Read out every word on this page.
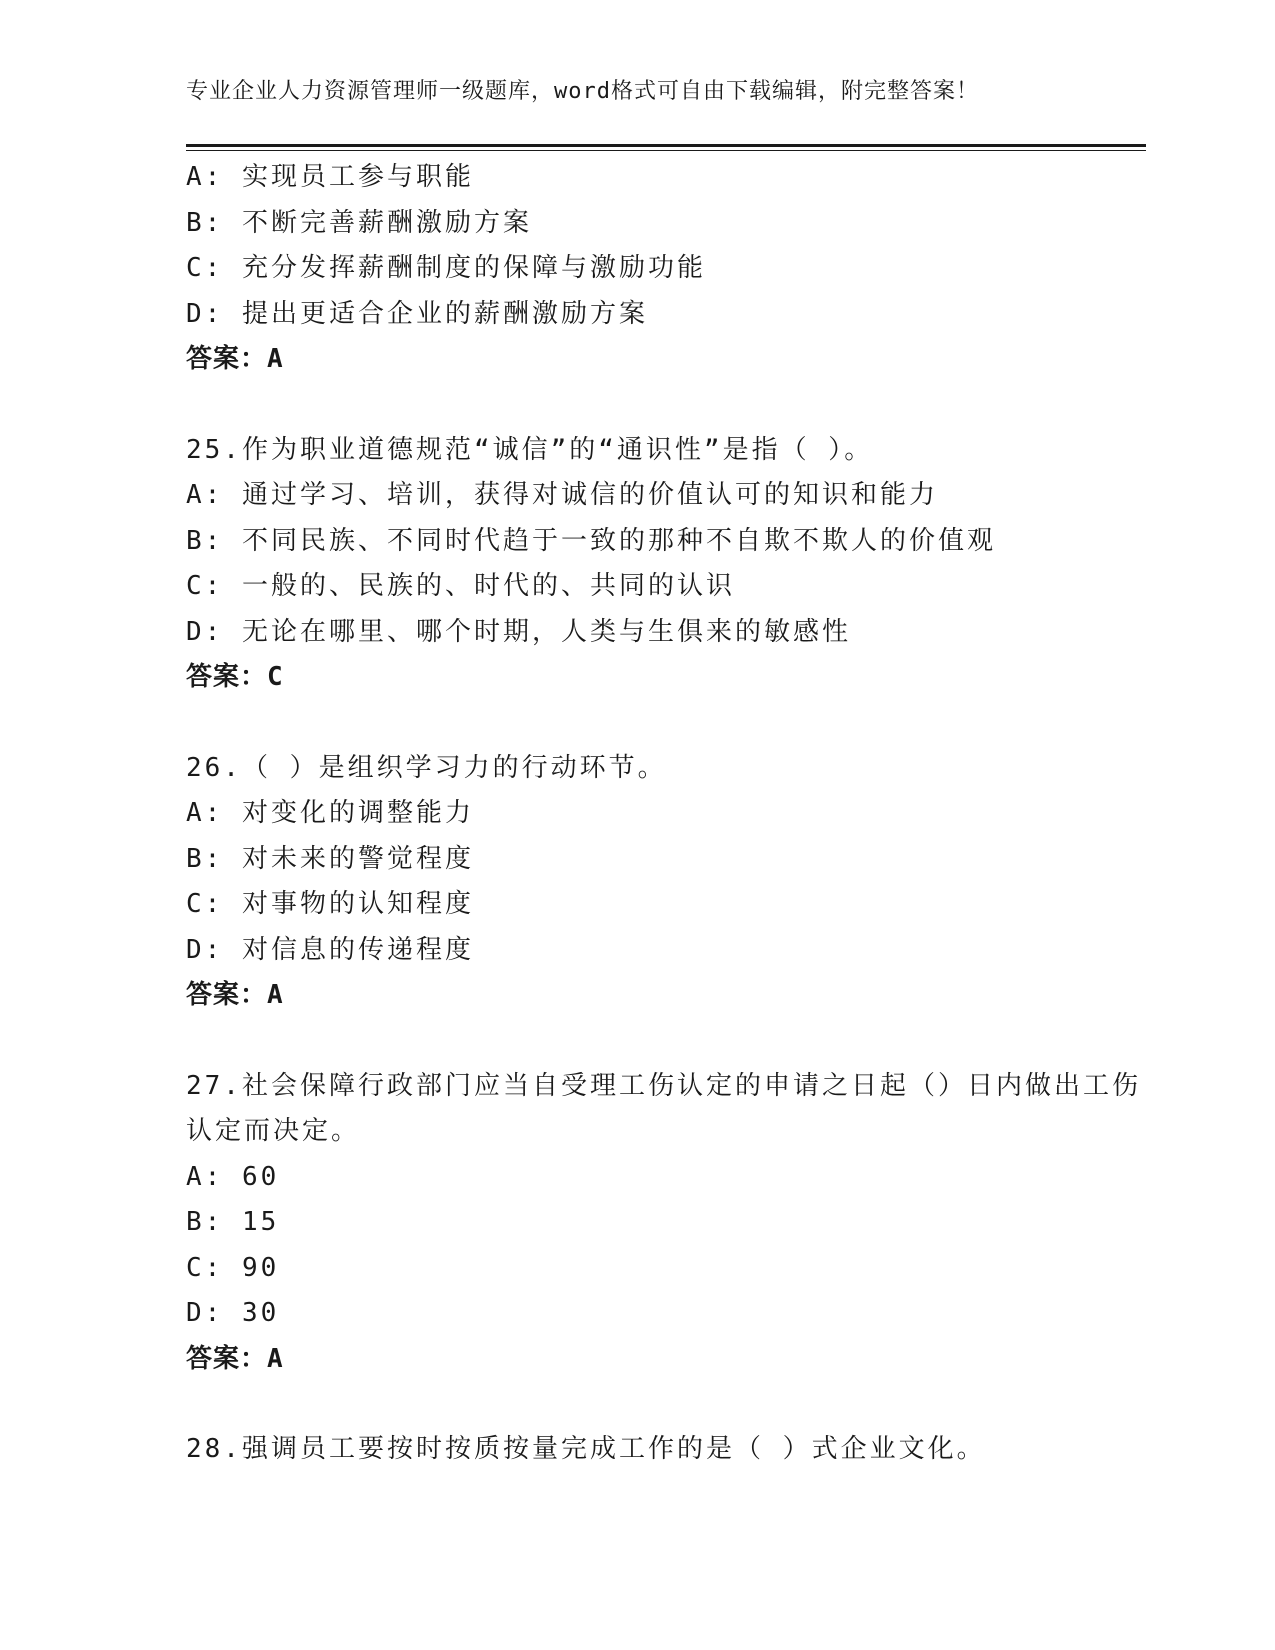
专业企业人力资源管理师一级题库，word格式可自由下载编辑，附完整答案！
A: 实现员工参与职能
B: 不断完善薪酬激励方案
C: 充分发挥薪酬制度的保障与激励功能
D: 提出更适合企业的薪酬激励方案
答案：A
25.作为职业道德规范“诚信”的“通识性”是指（ ）。
A: 通过学习、培训，获得对诚信的价值认可的知识和能力
B: 不同民族、不同时代趋于一致的那种不自欺不欺人的价值观
C: 一般的、民族的、时代的、共同的认识
D: 无论在哪里、哪个时期，人类与生俱来的敏感性
答案：C
26.（ ）是组织学习力的行动环节。
A: 对变化的调整能力
B: 对未来的警觉程度
C: 对事物的认知程度
D: 对信息的传递程度
答案：A
27.社会保障行政部门应当自受理工伤认定的申请之日起（）日内做出工伤认定而决定。
A: 60
B: 15
C: 90
D: 30
答案：A
28.强调员工要按时按质按量完成工作的是（ ）式企业文化。
